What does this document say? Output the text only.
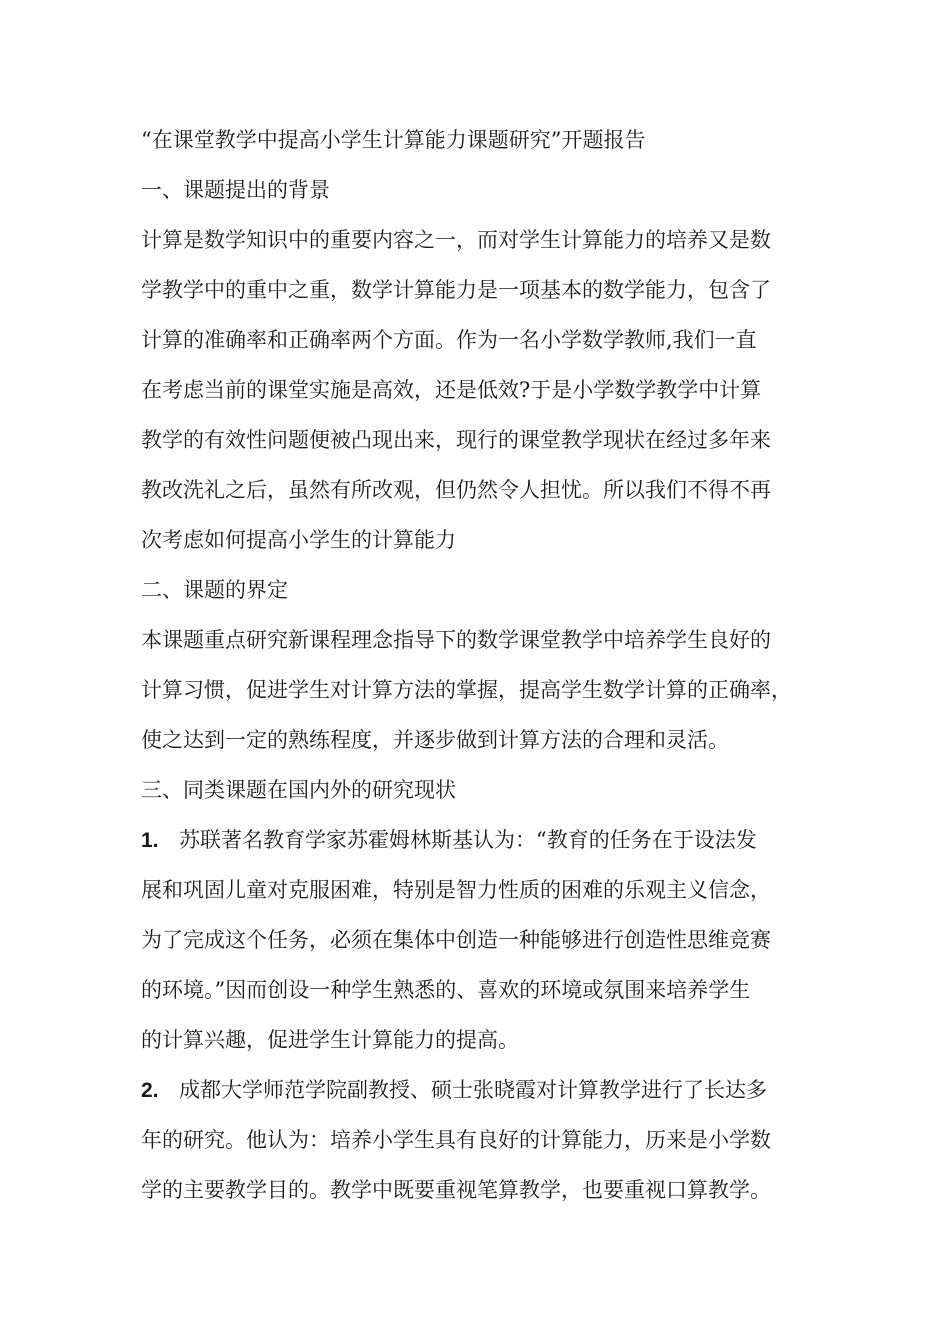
“在课堂教学中提高小学生计算能力课题研究”开题报告
一、课题提出的背景
计算是数学知识中的重要内容之一，而对学生计算能力的培养又是数
学教学中的重中之重，数学计算能力是一项基本的数学能力，包含了
计算的准确率和正确率两个方面。作为一名小学数学教师,我们一直
在考虑当前的课堂实施是高效，还是低效?于是小学数学教学中计算
教学的有效性问题便被凸现出来，现行的课堂教学现状在经过多年来
教改洗礼之后，虽然有所改观，但仍然令人担忧。所以我们不得不再
次考虑如何提高小学生的计算能力
二、课题的界定
本课题重点研究新课程理念指导下的数学课堂教学中培养学生良好的
计算习惯，促进学生对计算方法的掌握，提高学生数学计算的正确率，
使之达到一定的熟练程度，并逐步做到计算方法的合理和灵活。
三、同类课题在国内外的研究现状
1. 苏联著名教育学家苏霍姆林斯基认为：“教育的任务在于设法发
展和巩固儿童对克服困难，特别是智力性质的困难的乐观主义信念，
为了完成这个任务，必须在集体中创造一种能够进行创造性思维竞赛
的环境。”因而创设一种学生熟悉的、喜欢的环境或氛围来培养学生
的计算兴趣，促进学生计算能力的提高。
2. 成都大学师范学院副教授、硕士张晓霞对计算教学进行了长达多
年的研究。他认为：培养小学生具有良好的计算能力，历来是小学数
学的主要教学目的。教学中既要重视笔算教学，也要重视口算教学。
